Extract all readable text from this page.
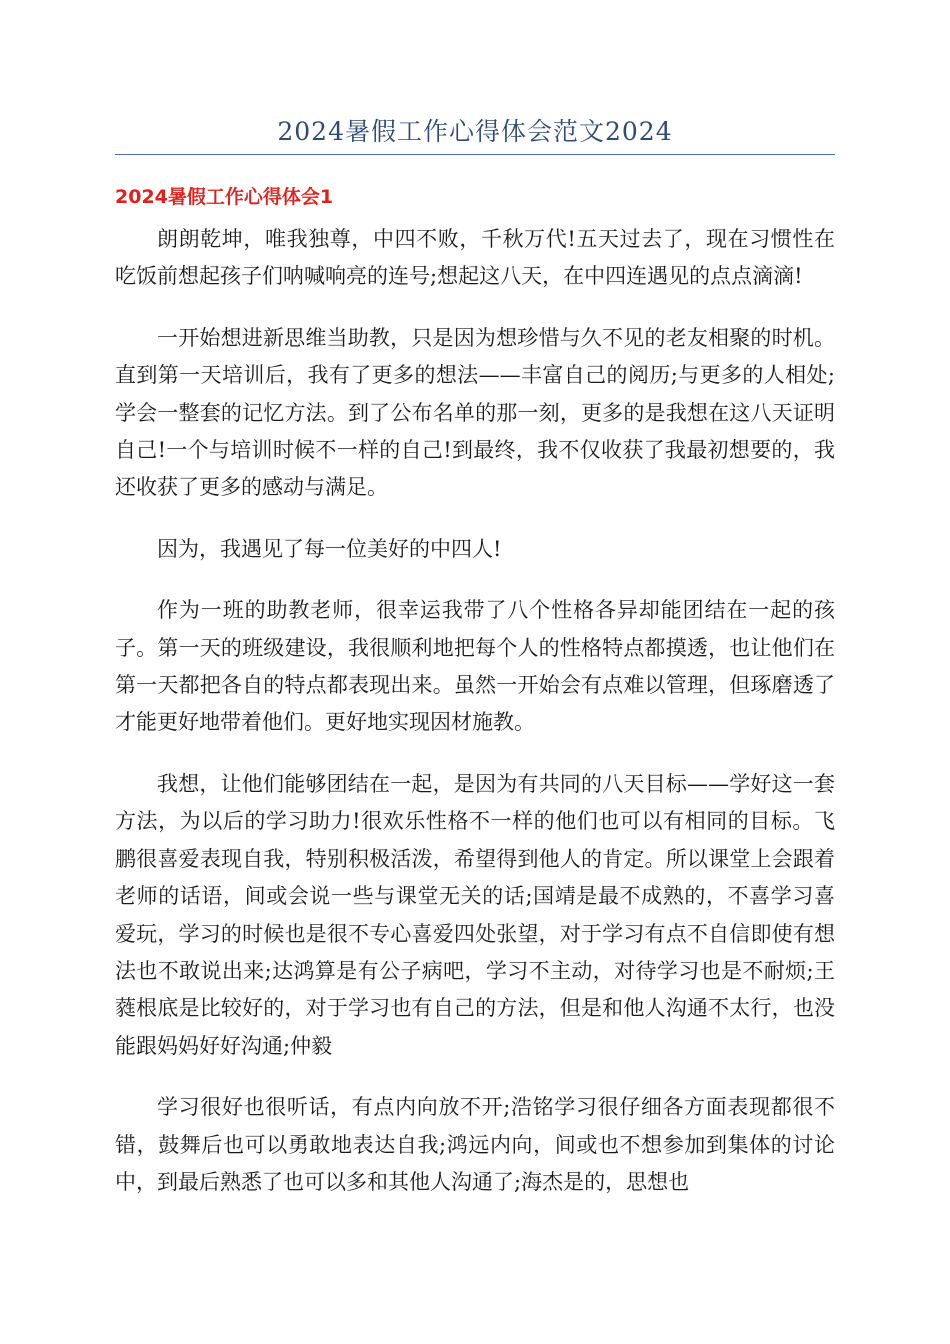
2024暑假工作心得体会范文2024
2024暑假工作心得体会1

朗朗乾坤，唯我独尊，中四不败，千秋万代!五天过去了，现在习惯性在吃饭前想起孩子们呐喊响亮的连号;想起这八天，在中四连遇见的点点滴滴!

一开始想进新思维当助教，只是因为想珍惜与久不见的老友相聚的时机。直到第一天培训后，我有了更多的想法——丰富自己的阅历;与更多的人相处;学会一整套的记忆方法。到了公布名单的那一刻，更多的是我想在这八天证明自己!一个与培训时候不一样的自己!到最终，我不仅收获了我最初想要的，我还收获了更多的感动与满足。

因为，我遇见了每一位美好的中四人!

作为一班的助教老师，很幸运我带了八个性格各异却能团结在一起的孩子。第一天的班级建设，我很顺利地把每个人的性格特点都摸透，也让他们在第一天都把各自的特点都表现出来。虽然一开始会有点难以管理，但琢磨透了才能更好地带着他们。更好地实现因材施教。

我想，让他们能够团结在一起，是因为有共同的八天目标——学好这一套方法，为以后的学习助力!很欢乐性格不一样的他们也可以有相同的目标。飞鹏很喜爱表现自我，特别积极活泼，希望得到他人的肯定。所以课堂上会跟着老师的话语，间或会说一些与课堂无关的话;国靖是最不成熟的，不喜学习喜爱玩，学习的时候也是很不专心喜爱四处张望，对于学习有点不自信即使有想法也不敢说出来;达鸿算是有公子病吧，学习不主动，对待学习也是不耐烦;王蕤根底是比较好的，对于学习也有自己的方法，但是和他人沟通不太行，也没能跟妈妈好好沟通;仲毅

学习很好也很听话，有点内向放不开;浩铭学习很仔细各方面表现都很不错，鼓舞后也可以勇敢地表达自我;鸿远内向，间或也不想参加到集体的讨论中，到最后熟悉了也可以多和其他人沟通了;海杰是的，思想也
